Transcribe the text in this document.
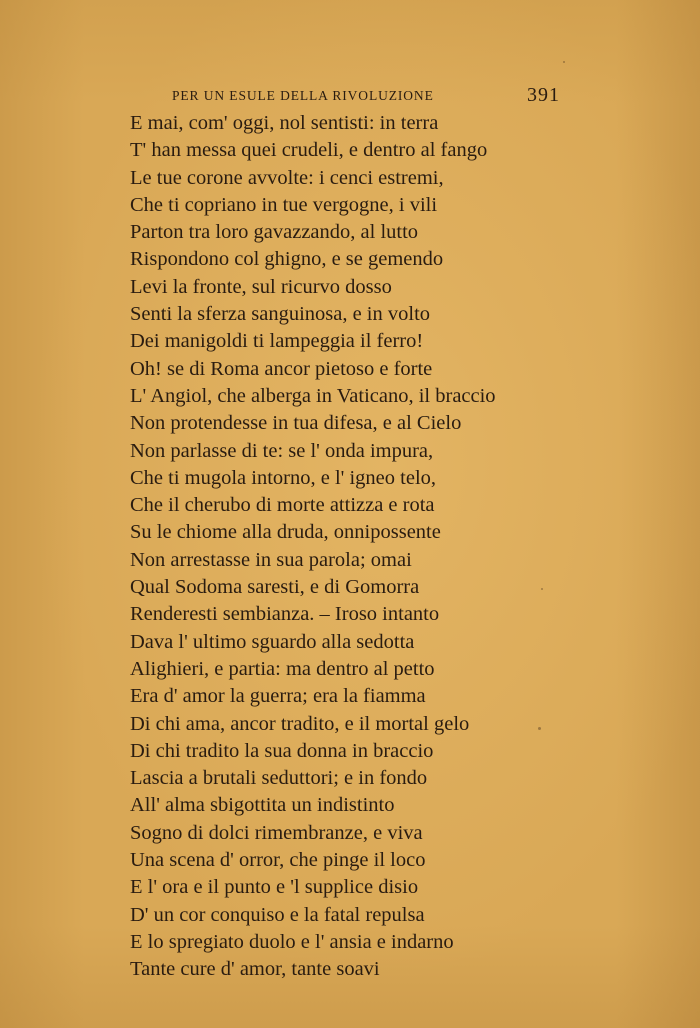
PER UN ESULE DELLA RIVOLUZIONE	391
E mai, com' oggi, nol sentisti: in terra
T' han messa quei crudeli, e dentro al fango
Le tue corone avvolte: i cenci estremi,
Che ti copriano in tue vergogne, i vili
Parton tra loro gavazzando, al lutto
Rispondono col ghigno, e se gemendo
Levi la fronte, sul ricurvo dosso
Senti la sferza sanguinosa, e in volto
Dei manigoldi ti lampeggia il ferro!
Oh! se di Roma ancor pietoso e forte
L' Angiol, che alberga in Vaticano, il braccio
Non protendesse in tua difesa, e al Cielo
Non parlasse di te: se l' onda impura,
Che ti mugola intorno, e l' igneo telo,
Che il cherubo di morte attizza e rota
Su le chiome alla druda, onnipossente
Non arrestasse in sua parola; omai
Qual Sodoma saresti, e di Gomorra
Renderesti sembianza. – Iroso intanto
Dava l' ultimo sguardo alla sedotta
Alighieri, e partia: ma dentro al petto
Era d' amor la guerra; era la fiamma
Di chi ama, ancor tradito, e il mortal gelo
Di chi tradito la sua donna in braccio
Lascia a brutali seduttori; e in fondo
All' alma sbigottita un indistinto
Sogno di dolci rimembranze, e viva
Una scena d' orror, che pinge il loco
E l' ora e il punto e 'l supplice disio
D' un cor conquiso e la fatal repulsa
E lo spregiato duolo e l' ansia e indarno
Tante cure d' amor, tante soavi
